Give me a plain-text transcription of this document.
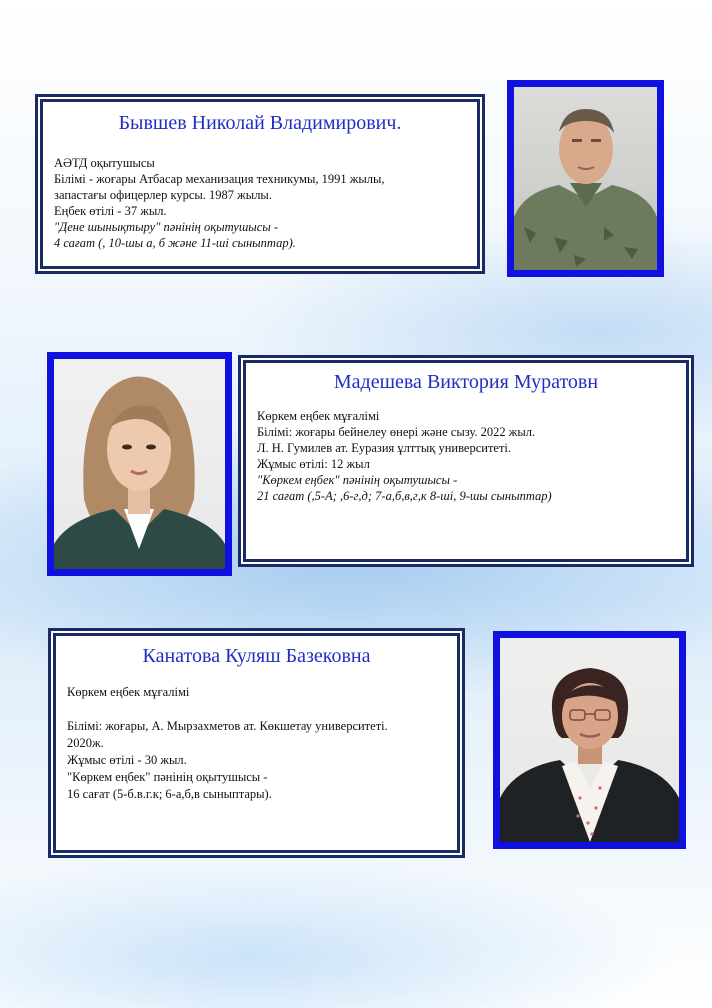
Бывшев Николай Владимирович.

АӘТД оқытушысы
Білімі - жоғары Атбасар механизация техникумы, 1991 жылы,
запастағы офицерлер курсы. 1987 жылы.
Еңбек өтілі - 37 жыл.
"Дене шынықтыру" пәнінің оқытушысы -
4 сағат (, 10-шы а, б және 11-ші сыныптар).

Мадешева Виктория Муратовн

Көркем еңбек мұғалімі
Білімі: жоғары бейнелеу өнері және сызу. 2022 жыл.
Л. Н. Гумилев ат. Еуразия ұлттық университеті.
Жұмыс өтілі: 12 жыл
"Көркем еңбек" пәнінің оқытушысы -
21 сағат (,5-А; ,6-г,д; 7-а,б,в,г,к 8-ші, 9-шы сыныптар)

Канатова Куляш Базековна

Көркем еңбек мұғалімі
Білімі: жоғары, А. Мырзахметов ат. Көкшетау университеті.
2020ж.
Жұмыс өтілі - 30 жыл.
"Көркем еңбек" пәнінің оқытушысы -
16 сағат (5-б.в.г.к; 6-а,б,в сыныптары).
